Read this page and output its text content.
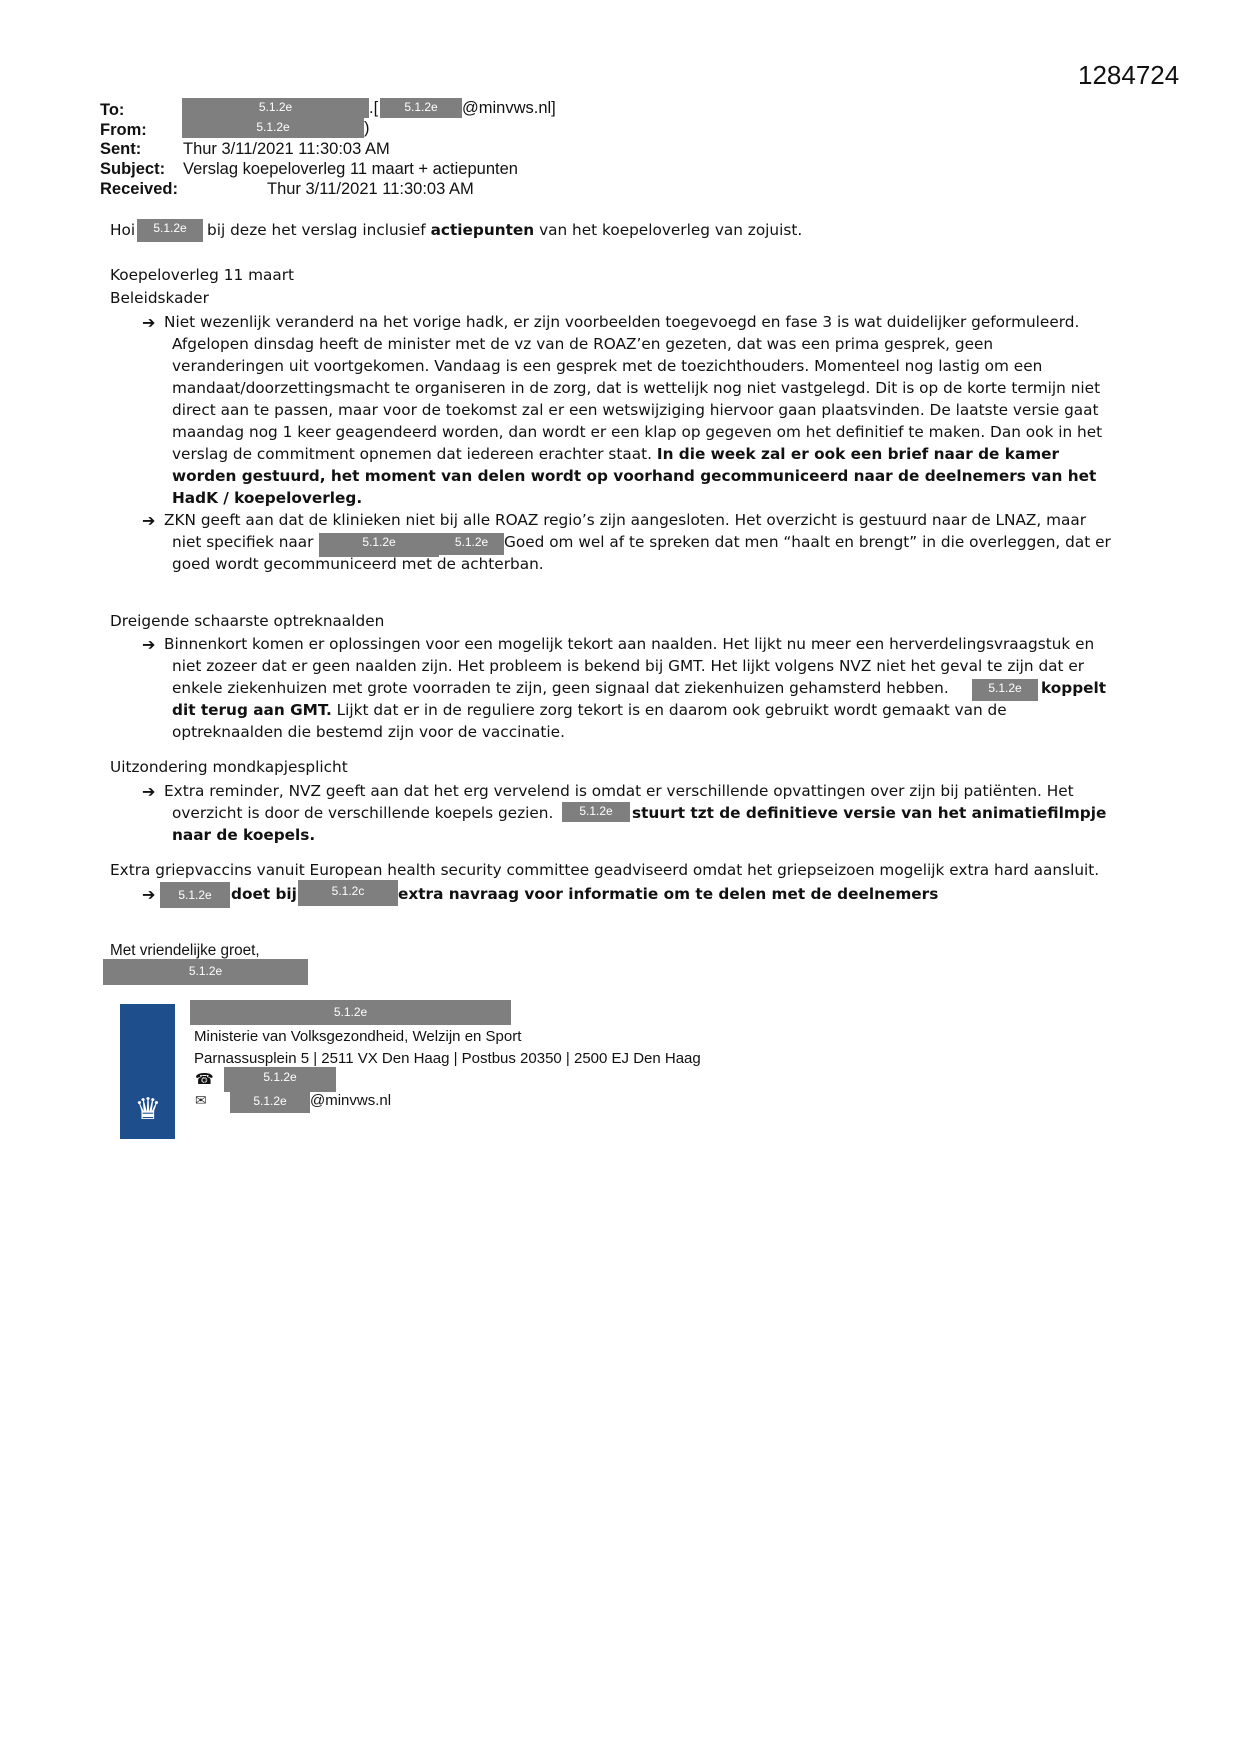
1284724
To:	5.1.2e	.[	5.1.2e	@minvws.nl]
From:	5.1.2e	)
Sent:	Thur 3/11/2021 11:30:03 AM
Subject: Verslag koepeloverleg 11 maart + actiepunten
Received:	Thur 3/11/2021 11:30:03 AM
Hoi	5.1.2e	bij deze het verslag inclusief actiepunten van het koepeloverleg van zojuist.
Koepeloverleg 11 maart
Beleidskader
➔ Niet wezenlijk veranderd na het vorige hadk, er zijn voorbeelden toegevoegd en fase 3 is wat duidelijker geformuleerd.
Afgelopen dinsdag heeft de minister met de vz van de ROAZ’en gezeten, dat was een prima gesprek, geen
veranderingen uit voortgekomen. Vandaag is een gesprek met de toezichthouders. Momenteel nog lastig om een
mandaat/doorzettingsmacht te organiseren in de zorg, dat is wettelijk nog niet vastgelegd. Dit is op de korte termijn niet
direct aan te passen, maar voor de toekomst zal er een wetswijziging hiervoor gaan plaatsvinden. De laatste versie gaat
maandag nog 1 keer geagendeerd worden, dan wordt er een klap op gegeven om het definitief te maken. Dan ook in het
verslag de commitment opnemen dat iedereen erachter staat. In die week zal er ook een brief naar de kamer
worden gestuurd, het moment van delen wordt op voorhand gecommuniceerd naar de deelnemers van het
HadK / koepeloverleg.
➔ ZKN geeft aan dat de klinieken niet bij alle ROAZ regio’s zijn aangesloten. Het overzicht is gestuurd naar de LNAZ, maar
niet specifiek naar	5.1.2e	5.1.2e	Goed om wel af te spreken dat men “haalt en brengt” in die overleggen, dat er
goed wordt gecommuniceerd met de achterban.
Dreigende schaarste optreknaalden
➔ Binnenkort komen er oplossingen voor een mogelijk tekort aan naalden. Het lijkt nu meer een herverdelingsvraagstuk en
niet zozeer dat er geen naalden zijn. Het probleem is bekend bij GMT. Het lijkt volgens NVZ niet het geval te zijn dat er
enkele ziekenhuizen met grote voorraden te zijn, geen signaal dat ziekenhuizen gehamsterd hebben.	5.1.2e	koppelt
dit terug aan GMT. Lijkt dat er in de reguliere zorg tekort is en daarom ook gebruikt wordt gemaakt van de
optreknaalden die bestemd zijn voor de vaccinatie.
Uitzondering mondkapjesplicht
➔ Extra reminder, NVZ geeft aan dat het erg vervelend is omdat er verschillende opvattingen over zijn bij patiënten. Het
overzicht is door de verschillende koepels gezien.	5.1.2e	stuurt tzt de definitieve versie van het animatiefilmpje
naar de koepels.
Extra griepvaccins vanuit European health security committee geadviseerd omdat het griepseizoen mogelijk extra hard aansluit.
➔	5.1.2e	doet bij	5.1.2c	extra navraag voor informatie om te delen met de deelnemers
Met vriendelijke groet,
5.1.2e
♛
5.1.2e
Ministerie van Volksgezondheid, Welzijn en Sport
Parnassusplein 5 | 2511 VX Den Haag | Postbus 20350 | 2500 EJ Den Haag
☎	5.1.2e
✉	5.1.2e	@minvws.nl
